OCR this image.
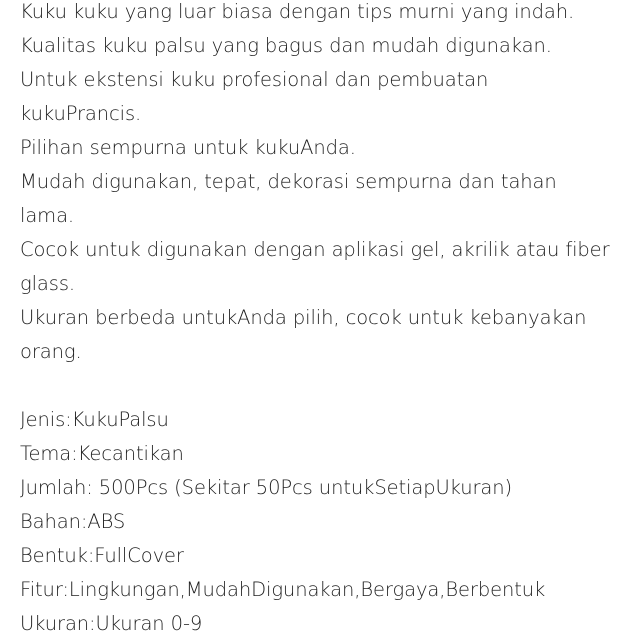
Kuku kuku yang luar biasa dengan tips murni yang indah.
Kualitas kuku palsu yang bagus dan mudah digunakan.
Untuk ekstensi kuku profesional dan pembuatan
kukuPrancis.
Pilihan sempurna untuk kukuAnda.
Mudah digunakan, tepat, dekorasi sempurna dan tahan
lama.
Cocok untuk digunakan dengan aplikasi gel, akrilik atau fiber
glass.
Ukuran berbeda untukAnda pilih, cocok untuk kebanyakan
orang.
Jenis:KukuPalsu
Tema:Kecantikan
Jumlah: 500Pcs (Sekitar 50Pcs untukSetiapUkuran)
Bahan:ABS
Bentuk:FullCover
Fitur:Lingkungan,MudahDigunakan,Bergaya,Berbentuk
Ukuran:Ukuran 0-9
